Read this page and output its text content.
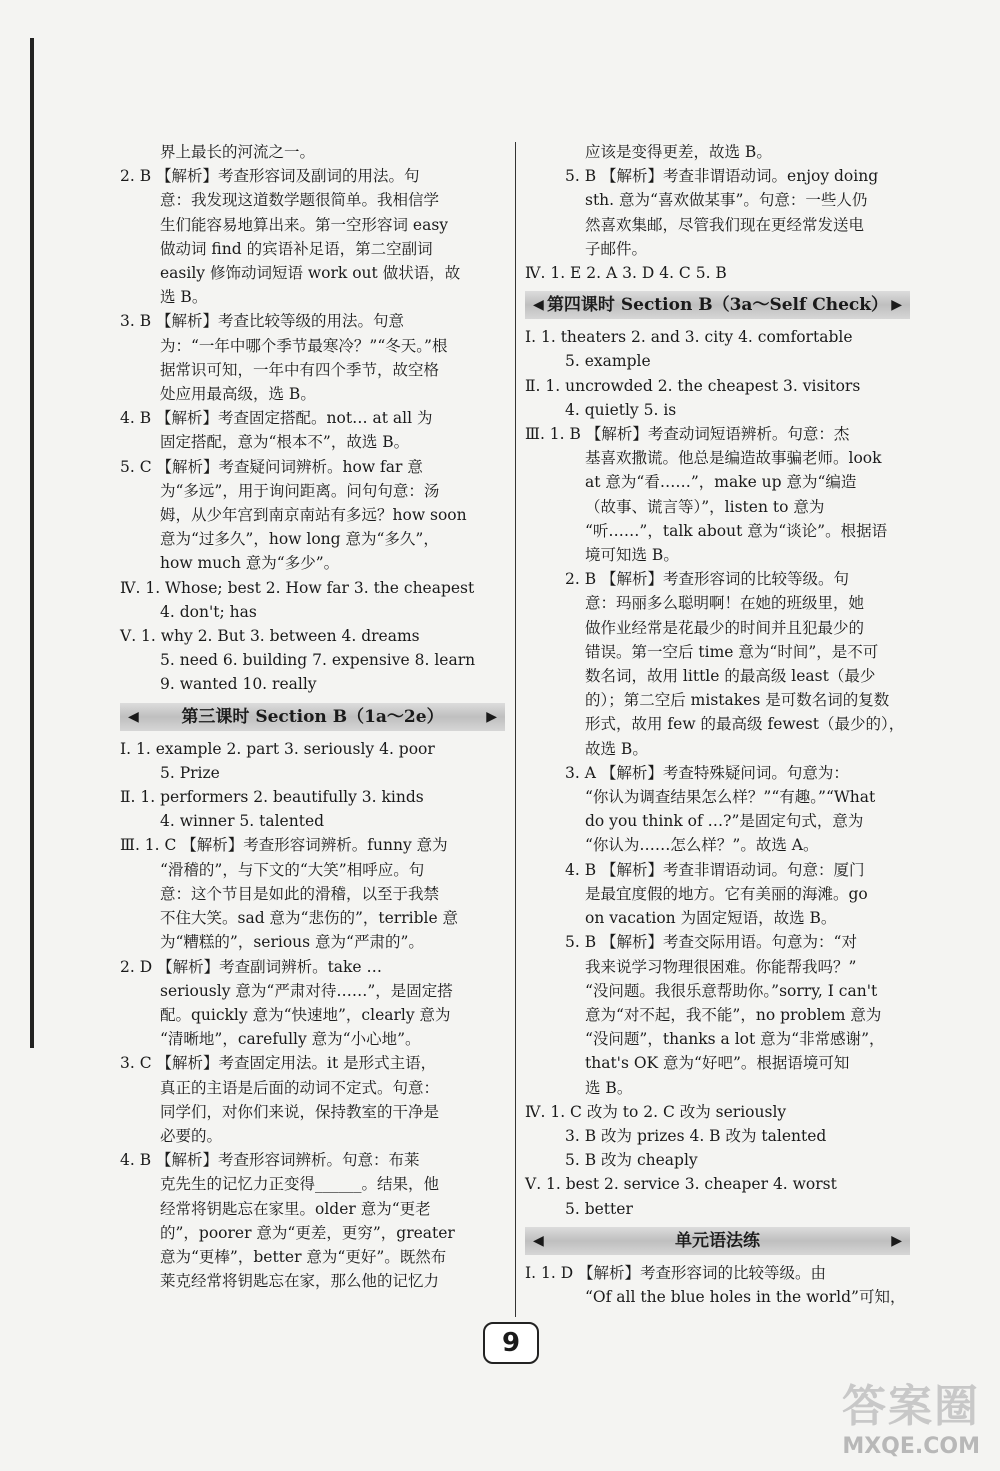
界上最长的河流之一。
2. B 【解析】考查形容词及副词的用法。句
意：我发现这道数学题很简单。我相信学
生们能容易地算出来。第一空形容词 easy
做动词 find 的宾语补足语，第二空副词
easily 修饰动词短语 work out 做状语，故
选 B。
3. B 【解析】考查比较等级的用法。句意
为：“一年中哪个季节最寒冷？”“冬天。”根
据常识可知，一年中有四个季节，故空格
处应用最高级，选 B。
4. B 【解析】考查固定搭配。not… at all 为
固定搭配，意为“根本不”，故选 B。
5. C 【解析】考查疑问词辨析。how far 意
为“多远”，用于询问距离。问句句意：汤
姆，从少年宫到南京南站有多远？how soon
意为“过多久”，how long 意为“多久”，
how much 意为“多少”。
Ⅳ. 1. Whose; best 2. How far 3. the cheapest
4. don't; has
Ⅴ. 1. why 2. But 3. between 4. dreams
5. need 6. building 7. expensive 8. learn
9. wanted 10. really
◀	第三课时 Section B（1a～2e）	▶
Ⅰ. 1. example 2. part 3. seriously 4. poor
5. Prize
Ⅱ. 1. performers 2. beautifully 3. kinds
4. winner 5. talented
Ⅲ. 1. C 【解析】考查形容词辨析。funny 意为
“滑稽的”，与下文的“大笑”相呼应。句
意：这个节目是如此的滑稽，以至于我禁
不住大笑。sad 意为“悲伤的”，terrible 意
为“糟糕的”，serious 意为“严肃的”。
2. D 【解析】考查副词辨析。take …
seriously 意为“严肃对待……”，是固定搭
配。quickly 意为“快速地”，clearly 意为
“清晰地”，carefully 意为“小心地”。
3. C 【解析】考查固定用法。it 是形式主语，
真正的主语是后面的动词不定式。句意：
同学们，对你们来说，保持教室的干净是
必要的。
4. B 【解析】考查形容词辨析。句意：布莱
克先生的记忆力正变得______。结果，他
经常将钥匙忘在家里。older 意为“更老
的”，poorer 意为“更差，更穷”，greater
意为“更棒”，better 意为“更好”。既然布
莱克经常将钥匙忘在家，那么他的记忆力
应该是变得更差，故选 B。
5. B 【解析】考查非谓语动词。enjoy doing
sth. 意为“喜欢做某事”。句意：一些人仍
然喜欢集邮，尽管我们现在更经常发送电
子邮件。
Ⅳ. 1. E 2. A 3. D 4. C 5. B
◀ 第四课时 Section B（3a～Self Check） ▶
Ⅰ. 1. theaters 2. and 3. city 4. comfortable
5. example
Ⅱ. 1. uncrowded 2. the cheapest 3. visitors
4. quietly 5. is
Ⅲ. 1. B 【解析】考查动词短语辨析。句意：杰
基喜欢撒谎。他总是编造故事骗老师。look
at 意为“看……”，make up 意为“编造
（故事、谎言等）”，listen to 意为
“听……”，talk about 意为“谈论”。根据语
境可知选 B。
2. B 【解析】考查形容词的比较等级。句
意：玛丽多么聪明啊！在她的班级里，她
做作业经常是花最少的时间并且犯最少的
错误。第一空后 time 意为“时间”，是不可
数名词，故用 little 的最高级 least（最少
的）；第二空后 mistakes 是可数名词的复数
形式，故用 few 的最高级 fewest（最少的），
故选 B。
3. A 【解析】考查特殊疑问词。句意为：
“你认为调查结果怎么样？”“有趣。”“What
do you think of …?”是固定句式，意为
“你认为……怎么样？”。故选 A。
4. B 【解析】考查非谓语动词。句意：厦门
是最宜度假的地方。它有美丽的海滩。go
on vacation 为固定短语，故选 B。
5. B 【解析】考查交际用语。句意为：“对
我来说学习物理很困难。你能帮我吗？”
“没问题。我很乐意帮助你。”sorry, I can't
意为“对不起，我不能”，no problem 意为
“没问题”，thanks a lot 意为“非常感谢”，
that's OK 意为“好吧”。根据语境可知
选 B。
Ⅳ. 1. C 改为 to 2. C 改为 seriously
3. B 改为 prizes 4. B 改为 talented
5. B 改为 cheaply
Ⅴ. 1. best 2. service 3. cheaper 4. worst
5. better
◀	单元语法练	▶
Ⅰ. 1. D 【解析】考查形容词的比较等级。由
“Of all the blue holes in the world”可知，
9
答案圈
MXQE.COM
